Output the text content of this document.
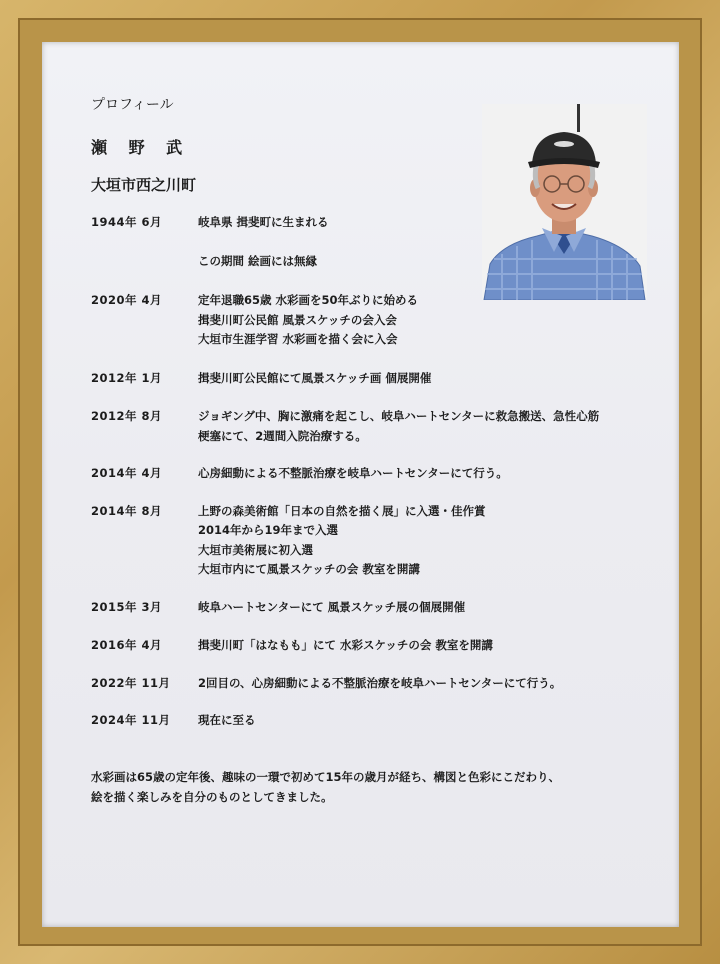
プロフィール
瀬 野 武
大垣市西之川町
1944年 6月	岐阜県 揖斐町に生まれる
この期間 絵画には無縁
2020年 4月	定年退職65歳 水彩画を50年ぶりに始める
揖斐川町公民館 風景スケッチの会入会
大垣市生涯学習 水彩画を描く会に入会
2012年 1月	揖斐川町公民館にて風景スケッチ画 個展開催
2012年 8月	ジョギング中、胸に激痛を起こし、岐阜ハートセンターに救急搬送、急性心筋
梗塞にて、2週間入院治療する。
2014年 4月	心房細動による不整脈治療を岐阜ハートセンターにて行う。
2014年 8月	上野の森美術館「日本の自然を描く展」に入選・佳作賞
2014年から19年まで入選
大垣市美術展に初入選
大垣市内にて風景スケッチの会 教室を開講
2015年 3月	岐阜ハートセンターにて 風景スケッチ展の個展開催
2016年 4月	揖斐川町「はなもも」にて 水彩スケッチの会 教室を開講
2022年 11月 2回目の、心房細動による不整脈治療を岐阜ハートセンターにて行う。
2024年 11月 現在に至る
水彩画は65歳の定年後、趣味の一環で初めて15年の歳月が経ち、構図と色彩にこだわり、
絵を描く楽しみを自分のものとしてきました。
